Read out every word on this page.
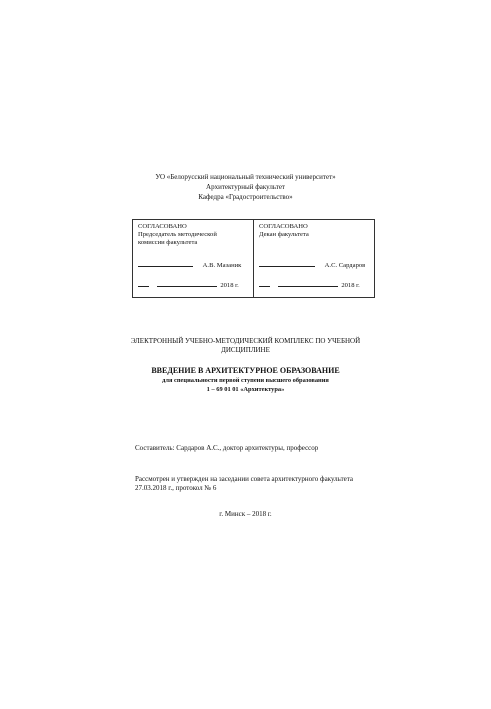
УО «Белорусский национальный технический университет»
Архитектурный факультет
Кафедра «Градостроительство»
СОГЛАСОВАНО
Председатель методической
комиссии факультета
А.В. Мазаник
2018 г.
СОГЛАСОВАНО
Декан факультета
А.С. Сардаров
2018 г.
ЭЛЕКТРОННЫЙ УЧЕБНО-МЕТОДИЧЕСКИЙ КОМПЛЕКС ПО УЧЕБНОЙ
ДИСЦИПЛИНЕ
ВВЕДЕНИЕ В АРХИТЕКТУРНОЕ ОБРАЗОВАНИЕ
для специальности первой ступени высшего образования
1 – 69 01 01 «Архитектура»
Составитель: Сардаров А.С., доктор архитектуры, профессор
Рассмотрен и утвержден на заседании совета архитектурного факультета
27.03.2018 г., протокол № 6
г. Минск – 2018 г.
